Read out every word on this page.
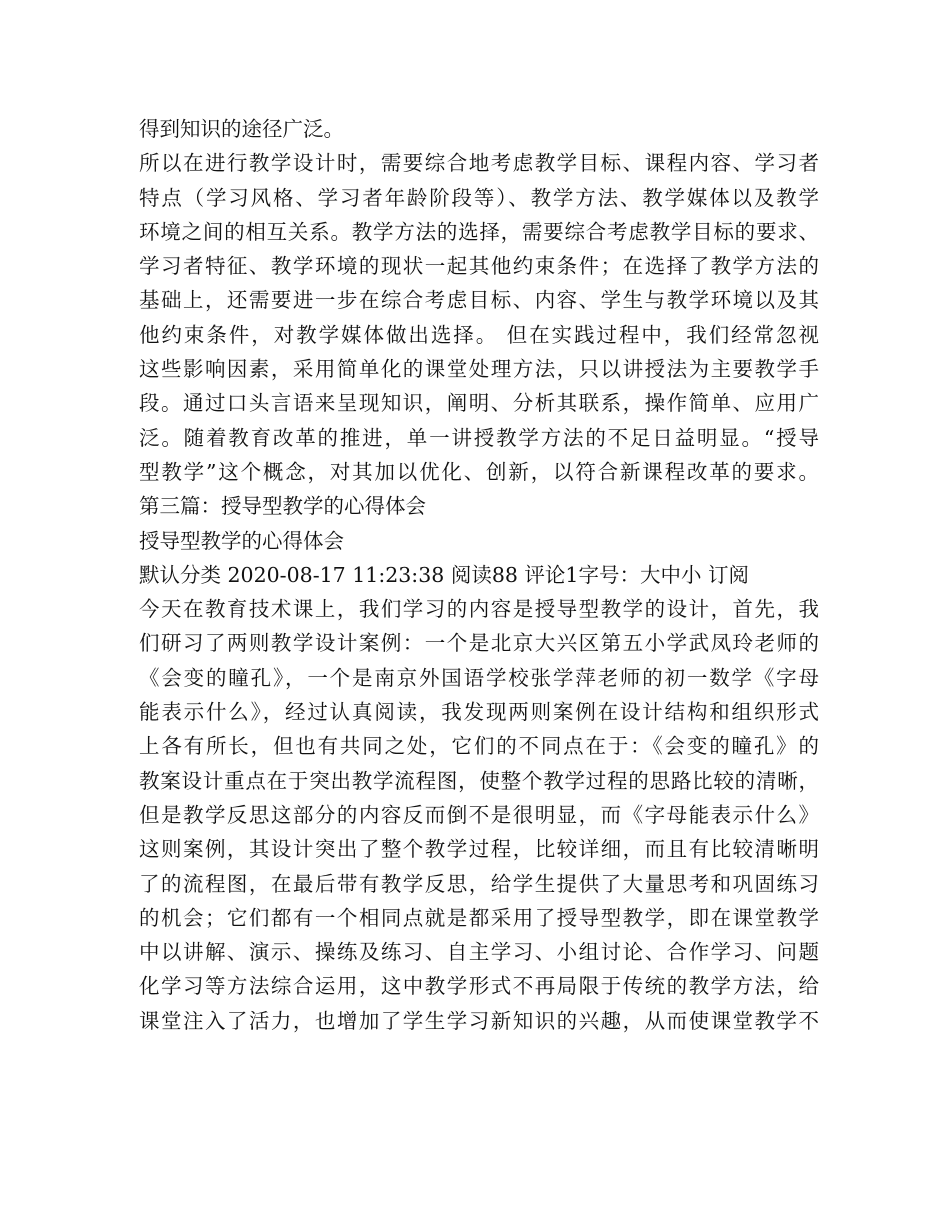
得到知识的途径广泛。
所以在进行教学设计时，需要综合地考虑教学目标、课程内容、学习者
特点（学习风格、学习者年龄阶段等）、教学方法、教学媒体以及教学
环境之间的相互关系。教学方法的选择，需要综合考虑教学目标的要求、
学习者特征、教学环境的现状一起其他约束条件；在选择了教学方法的
基础上，还需要进一步在综合考虑目标、内容、学生与教学环境以及其
他约束条件，对教学媒体做出选择。 但在实践过程中，我们经常忽视
这些影响因素，采用简单化的课堂处理方法，只以讲授法为主要教学手
段。通过口头言语来呈现知识，阐明、分析其联系，操作简单、应用广
泛。随着教育改革的推进，单一讲授教学方法的不足日益明显。“授导
型教学”这个概念，对其加以优化、创新，以符合新课程改革的要求。
第三篇：授导型教学的心得体会
授导型教学的心得体会
默认分类 2020-08-17 11:23:38 阅读88 评论1字号：大中小 订阅
今天在教育技术课上，我们学习的内容是授导型教学的设计，首先，我
们研习了两则教学设计案例：一个是北京大兴区第五小学武凤玲老师的
《会变的瞳孔》，一个是南京外国语学校张学萍老师的初一数学《字母
能表示什么》，经过认真阅读，我发现两则案例在设计结构和组织形式
上各有所长，但也有共同之处，它们的不同点在于：《会变的瞳孔》的
教案设计重点在于突出教学流程图，使整个教学过程的思路比较的清晰，
但是教学反思这部分的内容反而倒不是很明显，而《字母能表示什么》
这则案例，其设计突出了整个教学过程，比较详细，而且有比较清晰明
了的流程图，在最后带有教学反思，给学生提供了大量思考和巩固练习
的机会；它们都有一个相同点就是都采用了授导型教学，即在课堂教学
中以讲解、演示、操练及练习、自主学习、小组讨论、合作学习、问题
化学习等方法综合运用，这中教学形式不再局限于传统的教学方法，给
课堂注入了活力，也增加了学生学习新知识的兴趣，从而使课堂教学不
